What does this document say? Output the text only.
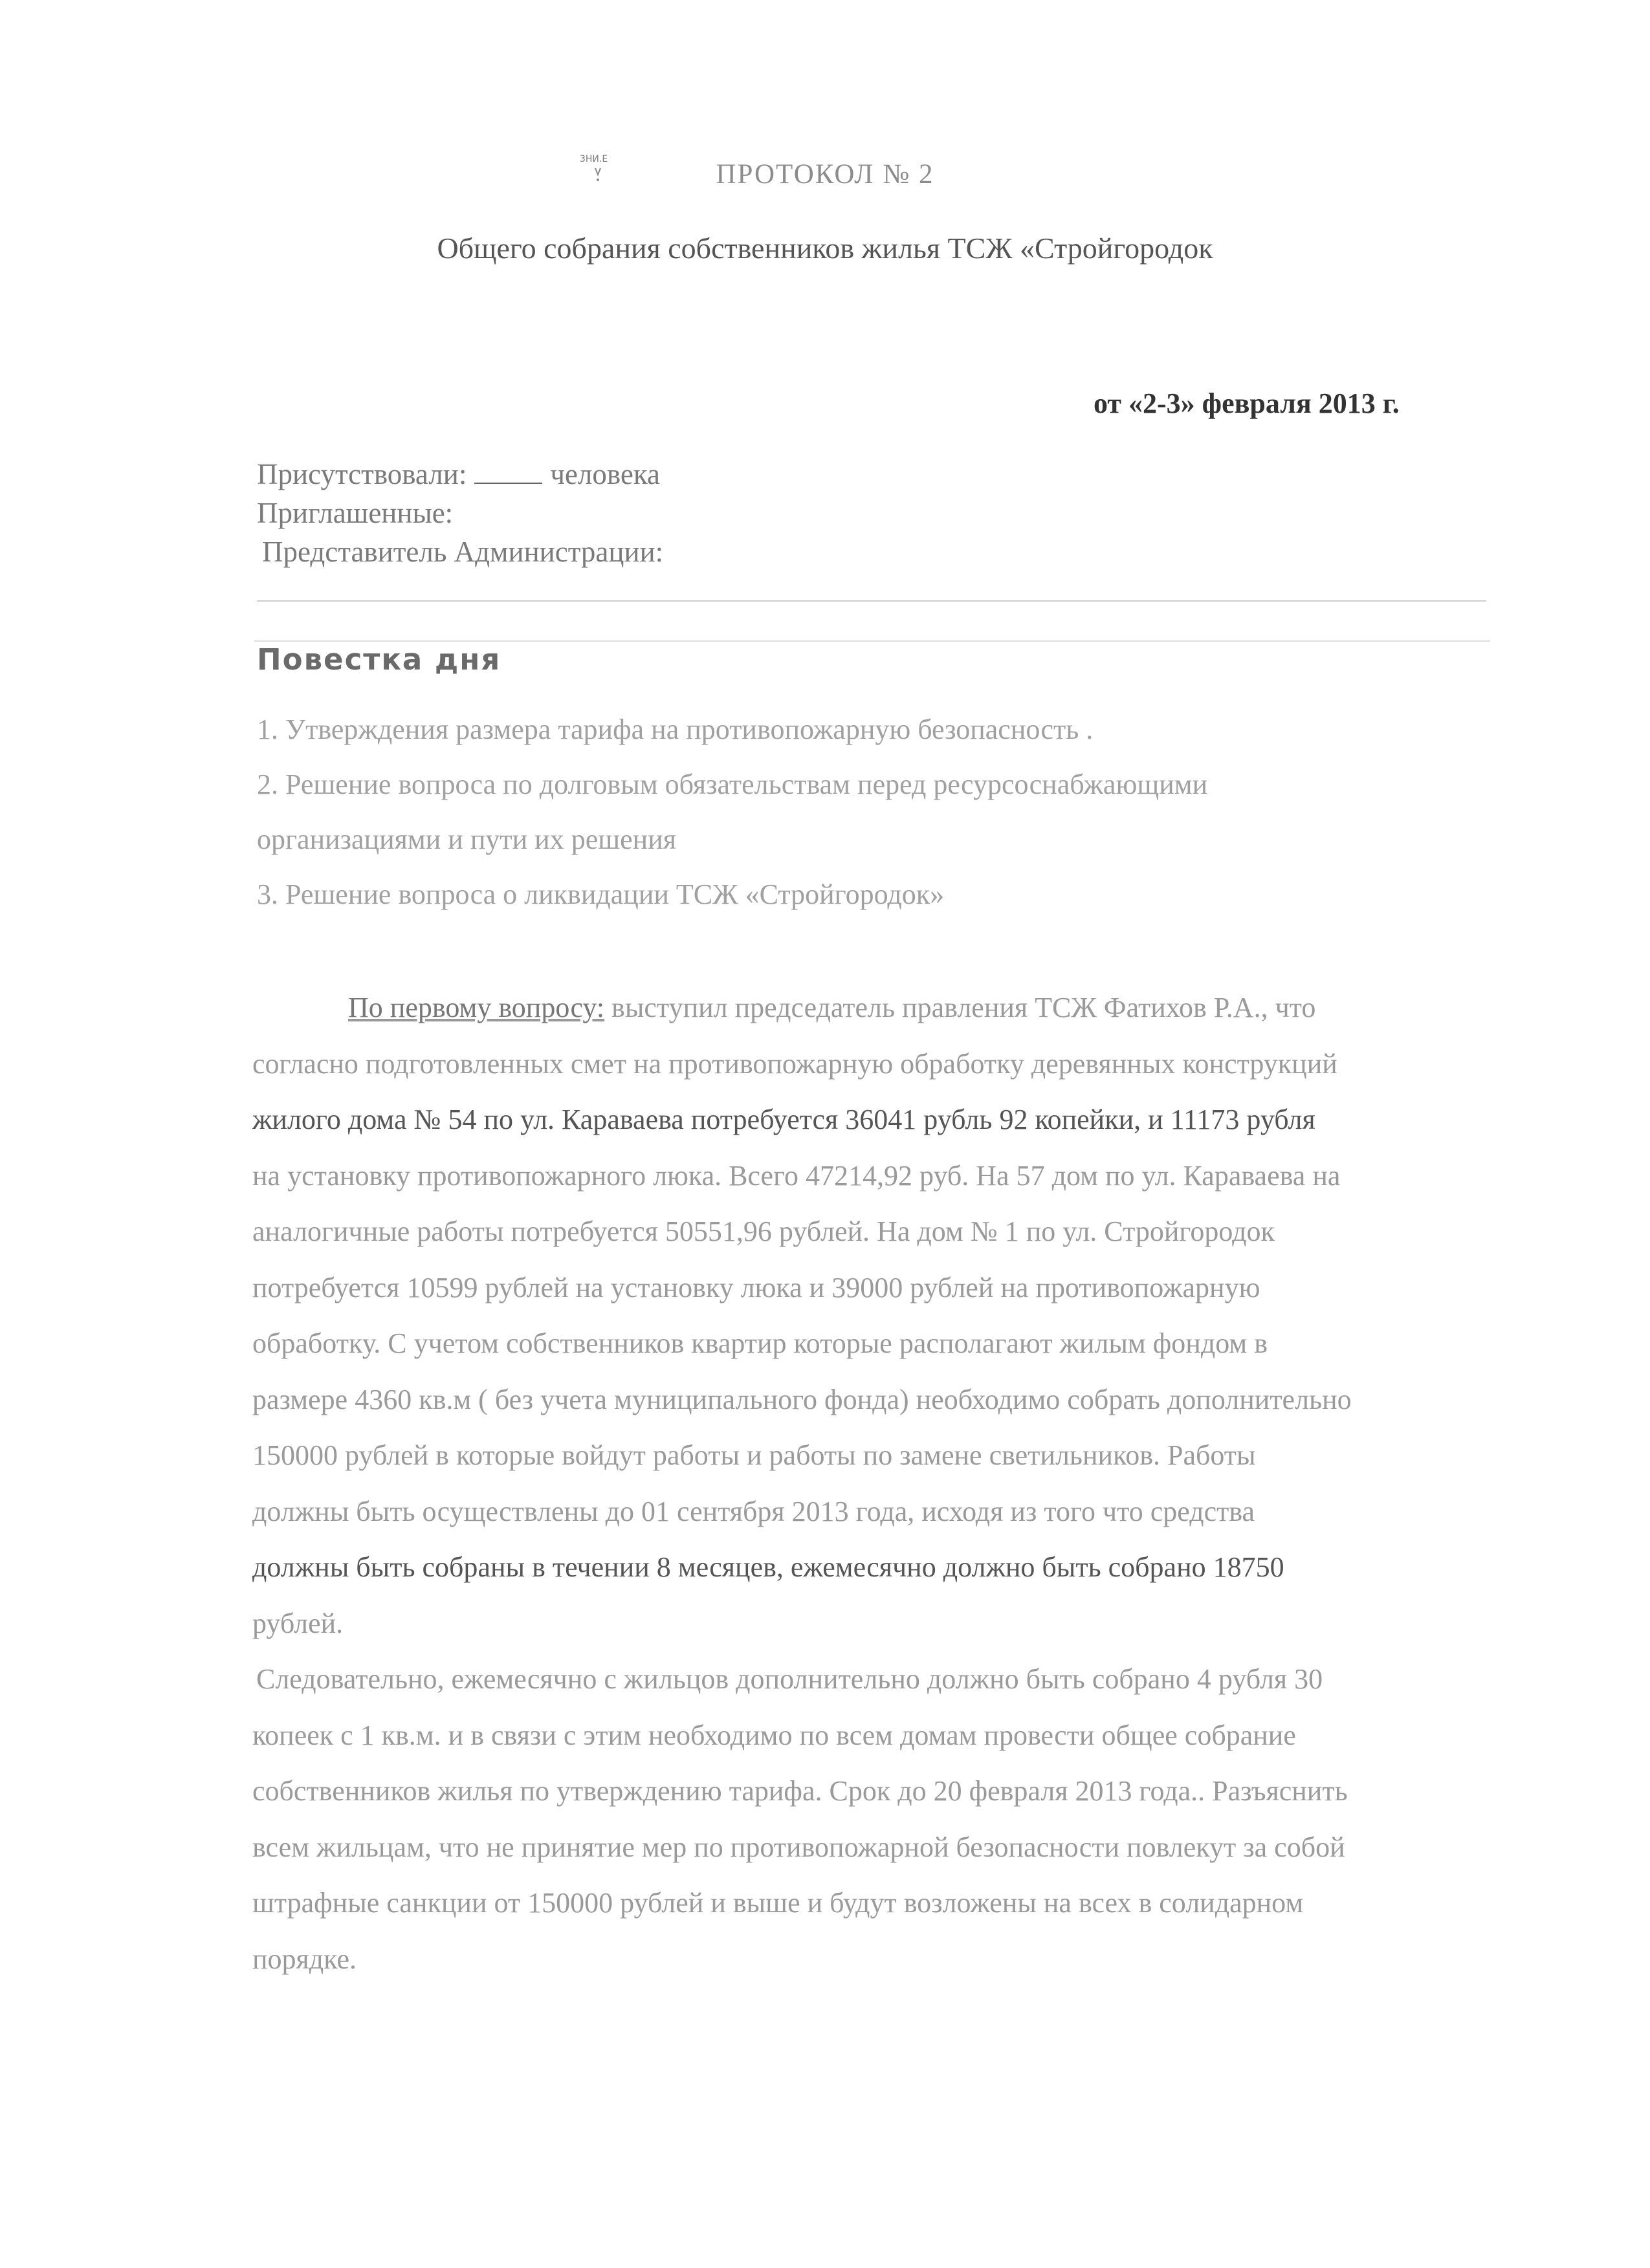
3НИ.Е	ПРОТОКОЛ № 2
Общего собрания собственников жилья ТСЖ «Стройгородок
от «2-3» февраля 2013 г.
Присутствовали:	человека
Приглашенные:
Представитель Администрации:
Повестка дня
1. Утверждения размера тарифа на противопожарную безопасность .
2. Решение вопроса по долговым обязательствам перед ресурсоснабжающими
организациями и пути их решения
3. Решение вопроса о ликвидации ТСЖ «Стройгородок»
По первому вопросу: выступил председатель правления ТСЖ Фатихов Р.А., что
согласно подготовленных смет на противопожарную обработку деревянных конструкций
жилого дома № 54 по ул. Караваева потребуется 36041 рубль 92 копейки, и 11173 рубля
на установку противопожарного люка. Всего 47214,92 руб. На 57 дом по ул. Караваева на
аналогичные работы потребуется 50551,96 рублей. На дом № 1 по ул. Стройгородок
потребуется 10599 рублей на установку люка и 39000 рублей на противопожарную
обработку. С учетом собственников квартир которые располагают жилым фондом в
размере 4360 кв.м ( без учета муниципального фонда) необходимо собрать дополнительно
150000 рублей в которые войдут работы и работы по замене светильников. Работы
должны быть осуществлены до 01 сентября 2013 года, исходя из того что средства
должны быть собраны в течении 8 месяцев, ежемесячно должно быть собрано 18750
рублей.
Следовательно, ежемесячно с жильцов дополнительно должно быть собрано 4 рубля 30
копеек с 1 кв.м. и в связи с этим необходимо по всем домам провести общее собрание
собственников жилья по утверждению тарифа. Срок до 20 февраля 2013 года.. Разъяснить
всем жильцам, что не принятие мер по противопожарной безопасности повлекут за собой
штрафные санкции от 150000 рублей и выше и будут возложены на всех в солидарном
порядке.
